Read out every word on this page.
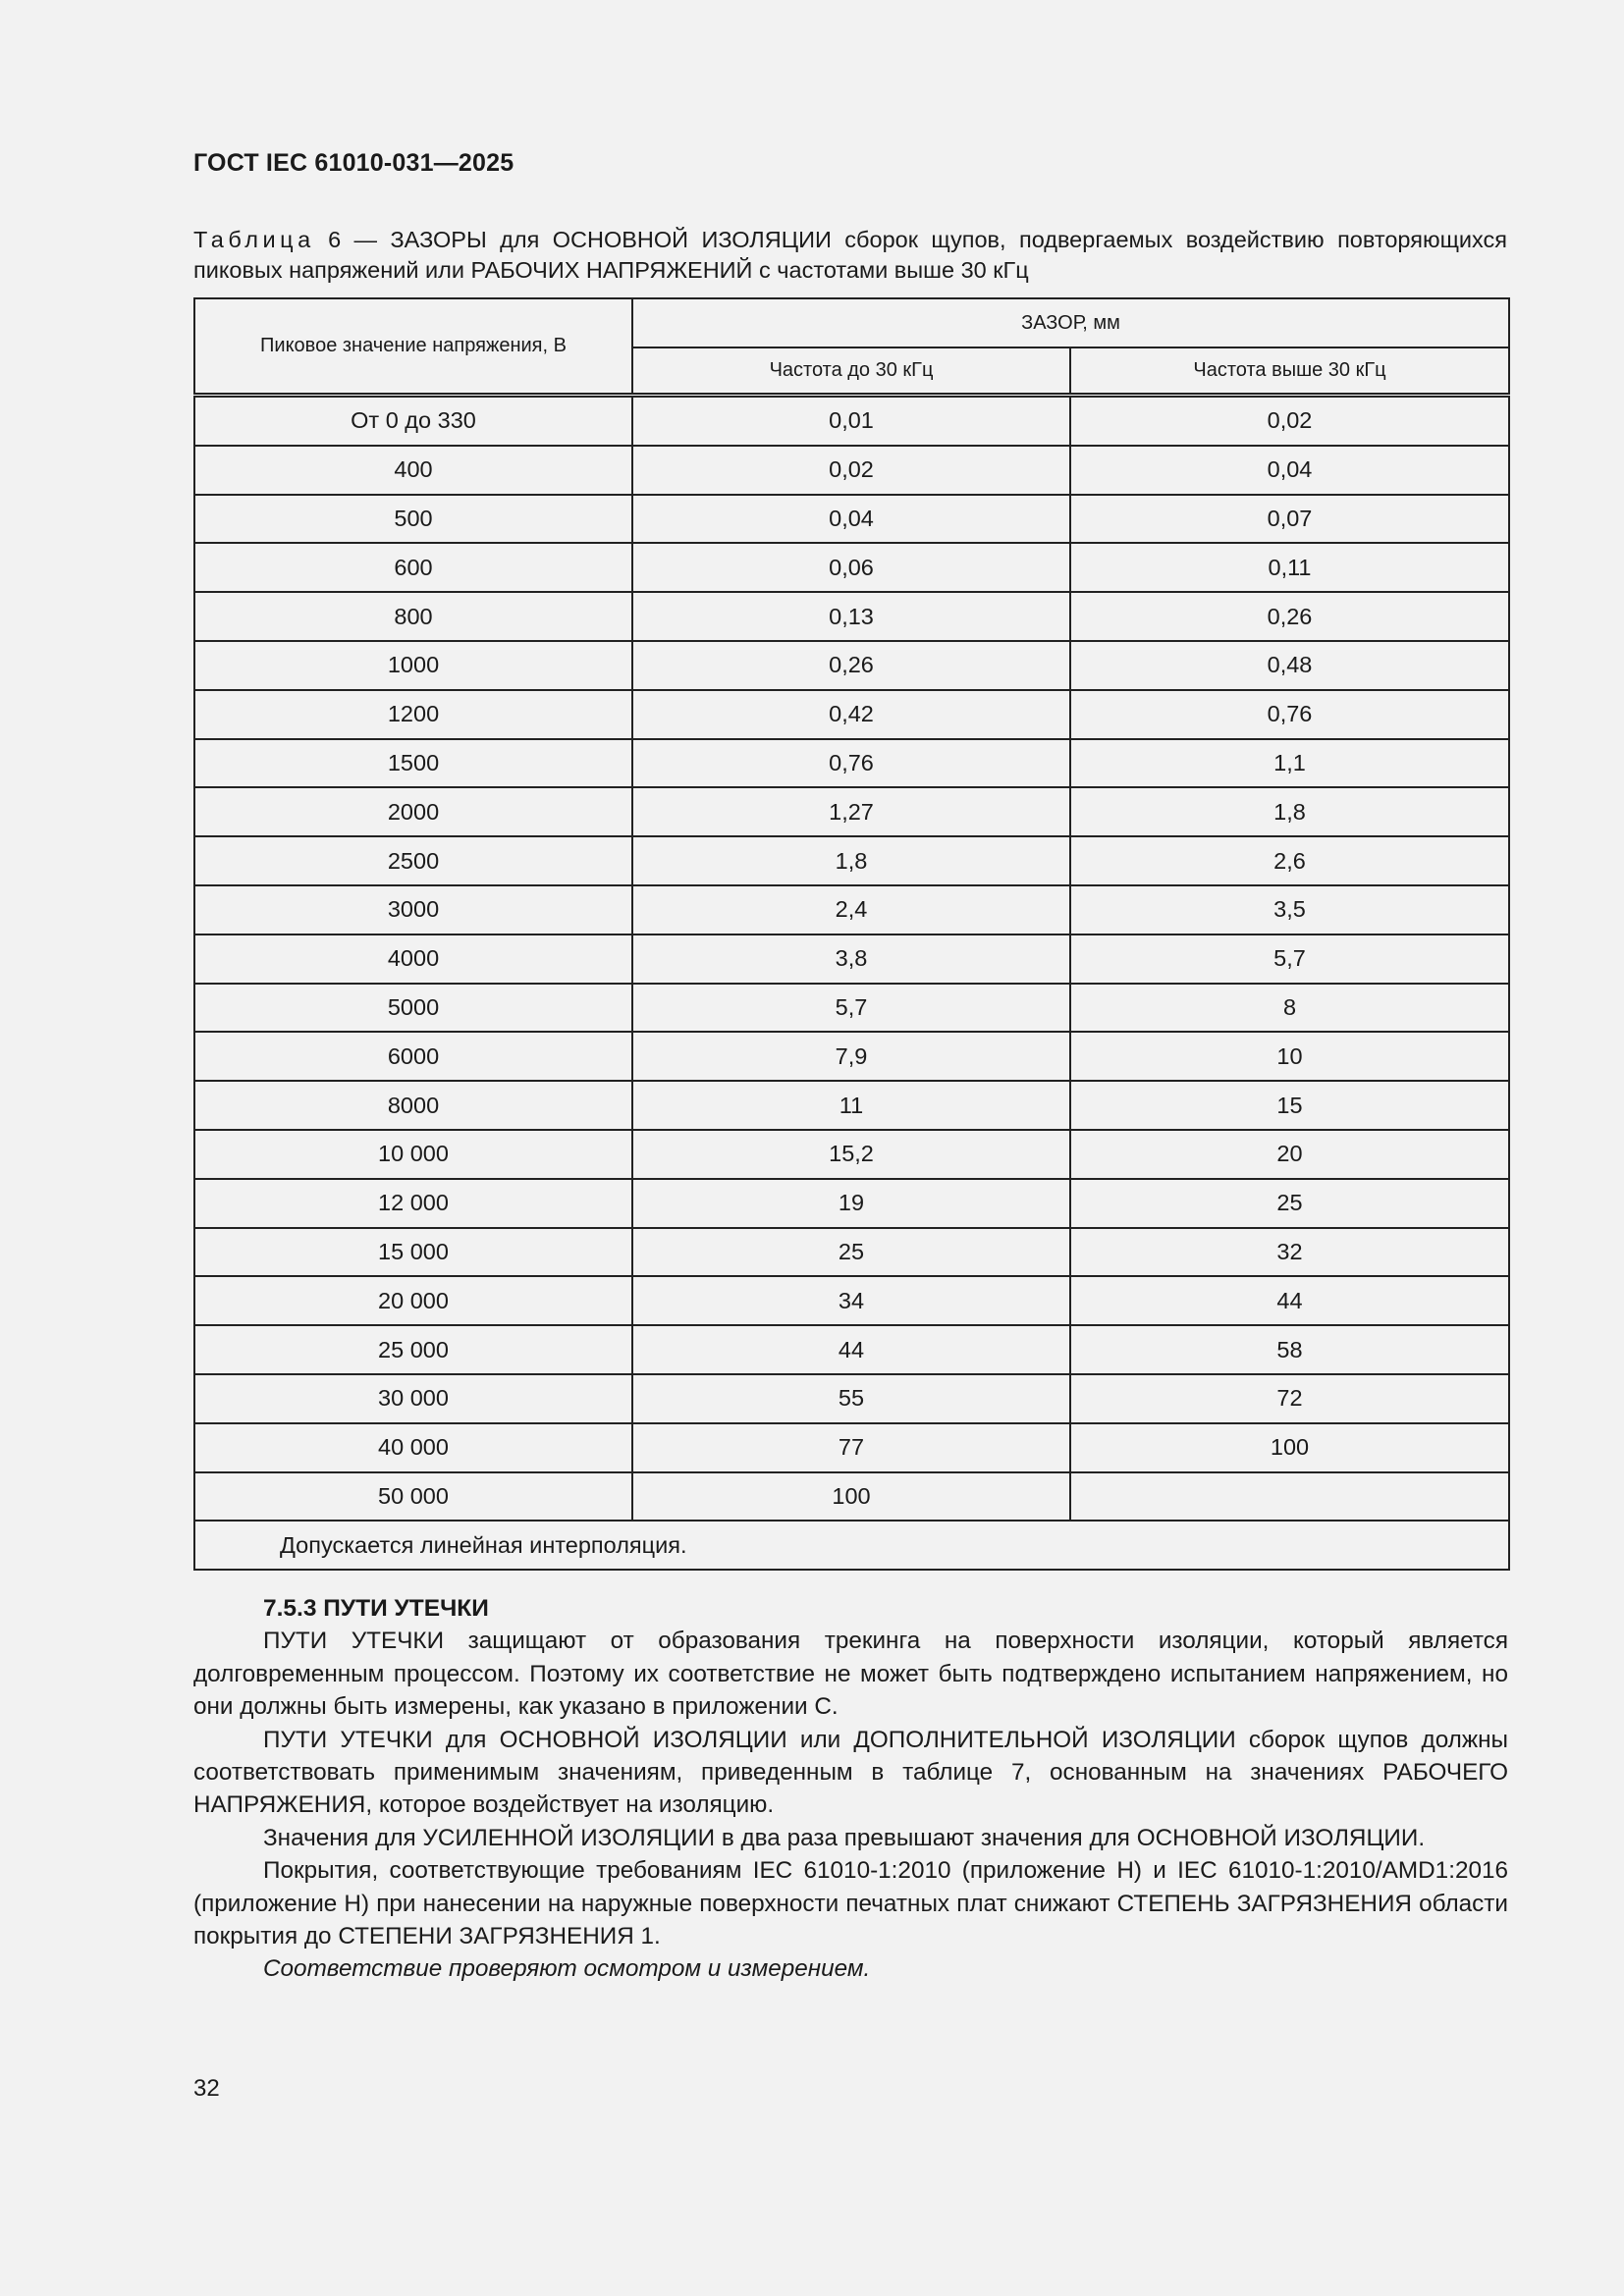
ГОСТ IEC 61010-031—2025
Таблица 6 — ЗАЗОРЫ для ОСНОВНОЙ ИЗОЛЯЦИИ сборок щупов, подвергаемых воздействию повторяющихся пиковых напряжений или РАБОЧИХ НАПРЯЖЕНИЙ с частотами выше 30 кГц
Пиковое значение напряжения, В	ЗАЗОР, мм	
	Частота до 30 кГц	Частота выше 30 кГц
От 0 до 330	0,01	0,02
400	0,02	0,04
500	0,04	0,07
600	0,06	0,11
800	0,13	0,26
1000	0,26	0,48
1200	0,42	0,76
1500	0,76	1,1
2000	1,27	1,8
2500	1,8	2,6
3000	2,4	3,5
4000	3,8	5,7
5000	5,7	8
6000	7,9	10
8000	11	15
10 000	15,2	20
12 000	19	25
15 000	25	32
20 000	34	44
25 000	44	58
30 000	55	72
40 000	77	100
50 000	100	
Допускается линейная интерполяция.		
7.5.3 ПУТИ УТЕЧКИ

ПУТИ УТЕЧКИ защищают от образования трекинга на поверхности изоляции, который является долговременным процессом. Поэтому их соответствие не может быть подтверждено испытанием напряжением, но они должны быть измерены, как указано в приложении С.

ПУТИ УТЕЧКИ для ОСНОВНОЙ ИЗОЛЯЦИИ или ДОПОЛНИТЕЛЬНОЙ ИЗОЛЯЦИИ сборок щупов должны соответствовать применимым значениям, приведенным в таблице 7, основанным на значениях РАБОЧЕГО НАПРЯЖЕНИЯ, которое воздействует на изоляцию.

Значения для УСИЛЕННОЙ ИЗОЛЯЦИИ в два раза превышают значения для ОСНОВНОЙ ИЗОЛЯЦИИ.

Покрытия, соответствующие требованиям IEC 61010-1:2010 (приложение Н) и IEC 61010-1:2010/AMD1:2016 (приложение Н) при нанесении на наружные поверхности печатных плат снижают СТЕПЕНЬ ЗАГРЯЗНЕНИЯ области покрытия до СТЕПЕНИ ЗАГРЯЗНЕНИЯ 1.

Соответствие проверяют осмотром и измерением.

32
